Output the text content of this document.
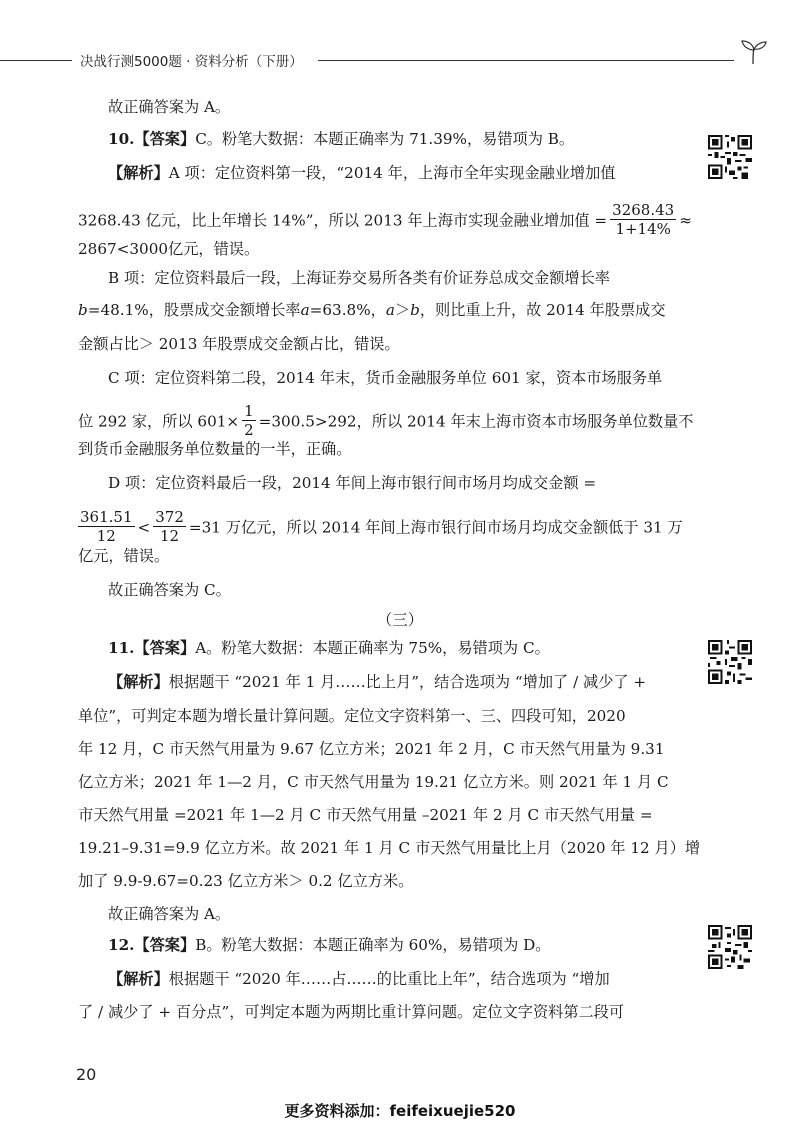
决战行测5000题 · 资料分析（下册）
故正确答案为 A。
10.【答案】C。粉笔大数据：本题正确率为 71.39%，易错项为 B。
【解析】A 项：定位资料第一段，“2014 年，上海市全年实现金融业增加值
3268.43 亿元，比上年增长 14%”，所以 2013 年上海市实现金融业增加值 = $\frac{3268.43}{1+14\%}$ ≈
2867<3000亿元，错误。
B 项：定位资料最后一段，上海证券交易所各类有价证券总成交金额增长率
b=48.1%，股票成交金额增长率a=63.8%，a＞b，则比重上升，故 2014 年股票成交
金额占比＞ 2013 年股票成交金额占比，错误。
C 项：定位资料第二段，2014 年末，货币金融服务单位 601 家，资本市场服务单
位 292 家，所以 $601\times \frac{1}{2} =300.5>292$，所以 2014 年末上海市资本市场服务单位数量不
到货币金融服务单位数量的一半，正确。
D 项：定位资料最后一段，2014 年间上海市银行间市场月均成交金额 =
$\frac{361.51}{12} < \frac{372}{12} =31$ 万亿元，所以 2014 年间上海市银行间市场月均成交金额低于 31 万
亿元，错误。
故正确答案为 C。
（三）
11.【答案】A。粉笔大数据：本题正确率为 75%，易错项为 C。
【解析】根据题干 “2021 年 1 月……比上月”，结合选项为 “增加了 / 减少了 +
单位”，可判定本题为增长量计算问题。定位文字资料第一、三、四段可知，2020
年 12 月，C 市天然气用量为 9.67 亿立方米；2021 年 2 月，C 市天然气用量为 9.31
亿立方米；2021 年 1—2 月，C 市天然气用量为 19.21 亿立方米。则 2021 年 1 月 C
市天然气用量 =2021 年 1—2 月 C 市天然气用量 –2021 年 2 月 C 市天然气用量 =
19.21–9.31=9.9 亿立方米。故 2021 年 1 月 C 市天然气用量比上月（2020 年 12 月）增
加了 9.9-9.67=0.23 亿立方米＞ 0.2 亿立方米。
故正确答案为 A。
12.【答案】B。粉笔大数据：本题正确率为 60%，易错项为 D。
【解析】根据题干 “2020 年……占……的比重比上年”，结合选项为 “增加
了 / 减少了 + 百分点”，可判定本题为两期比重计算问题。定位文字资料第二段可
20
更多资料添加：feifeixuejie520
